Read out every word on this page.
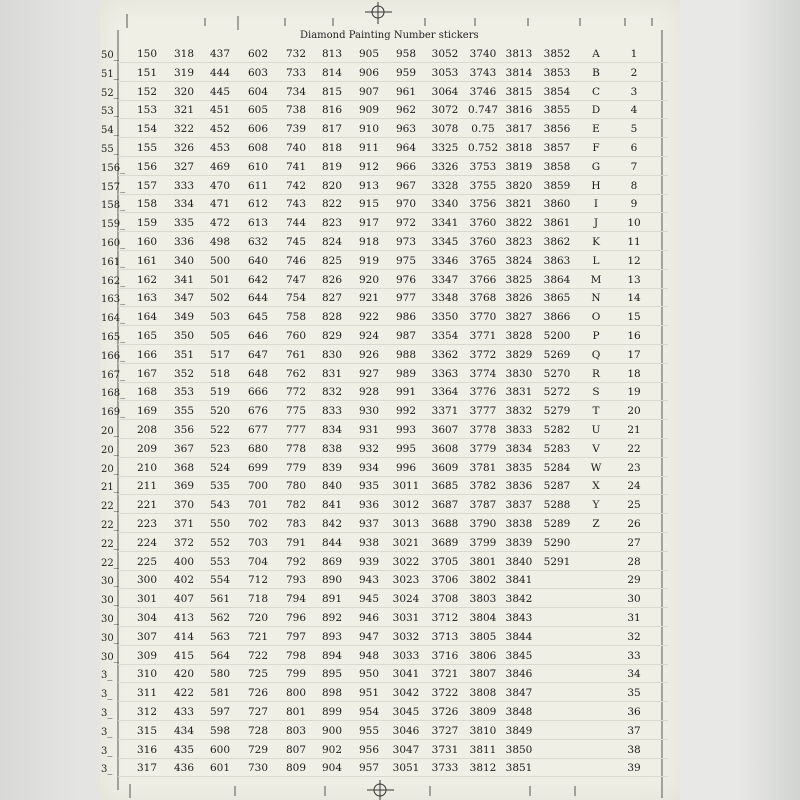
Diamond Painting Number stickers
50_ 150 318 437 602 732 813 905 958 3052 3740 3813 3852 A	1
51_ 151 319 444 603 733 814 906 959 3053 3743 3814 3853 B	2
52_ 152 320 445 604 734 815 907 961 3064 3746 3815 3854 C	3
53_ 153 321 451 605 738 816 909 962 3072 0.747 3816 3855 D	4
54_ 154 322 452 606 739 817 910 963 3078 0.75 3817 3856 E	5
55_ 155 326 453 608 740 818 911 964 3325 0.752 3818 3857 F	6
156_ 156 327 469 610 741 819 912 966 3326 3753 3819 3858 G	7
157_ 157 333 470 611 742 820 913 967 3328 3755 3820 3859 H	8
158_ 158 334 471 612 743 822 915 970 3340 3756 3821 3860 I	9
159_ 159 335 472 613 744 823 917 972 3341 3760 3822 3861 J	10
160_ 160 336 498 632 745 824 918 973 3345 3760 3823 3862 K	11
161_ 161 340 500 640 746 825 919 975 3346 3765 3824 3863 L	12
162_ 162 341 501 642 747 826 920 976 3347 3766 3825 3864 M 13
163_ 163 347 502 644 754 827 921 977 3348 3768 3826 3865 N	14
164_ 164 349 503 645 758 828 922 986 3350 3770 3827 3866 O	15
165_ 165 350 505 646 760 829 924 987 3354 3771 3828 5200 P	16
166_ 166 351 517 647 761 830 926 988 3362 3772 3829 5269 Q	17
167_ 167 352 518 648 762 831 927 989 3363 3774 3830 5270 R	18
168_ 168 353 519 666 772 832 928 991 3364 3776 3831 5272 S	19
169_ 169 355 520 676 775 833 930 992 3371 3777 3832 5279 T	20
20_ 208 356 522 677 777 834 931 993 3607 3778 3833 5282 U	21
20_ 209 367 523 680 778 838 932 995 3608 3779 3834 5283 V	22
20_ 210 368 524 699 779 839 934 996 3609 3781 3835 5284 W 23
21_ 211 369 535 700 780 840 935 3011 3685 3782 3836 5287 X	24
22_ 221 370 543 701 782 841 936 3012 3687 3787 3837 5288 Y	25
22_ 223 371 550 702 783 842 937 3013 3688 3790 3838 5289 Z	26
22_ 224 372 552 703 791 844 938 3021 3689 3799 3839 5290	27
22_ 225 400 553 704 792 869 939 3022 3705 3801 3840 5291	28
30_ 300 402 554 712 793 890 943 3023 3706 3802 3841	29
30_ 301 407 561 718 794 891 945 3024 3708 3803 3842	30
30_ 304 413 562 720 796 892 946 3031 3712 3804 3843	31
30_ 307 414 563 721 797 893 947 3032 3713 3805 3844	32
30_ 309 415 564 722 798 894 948 3033 3716 3806 3845	33
3_ 310 420 580 725 799 895 950 3041 3721 3807 3846	34
3_ 311 422 581 726 800 898 951 3042 3722 3808 3847	35
3_ 312 433 597 727 801 899 954 3045 3726 3809 3848	36
3_ 315 434 598 728 803 900 955 3046 3727 3810 3849	37
3_ 316 435 600 729 807 902 956 3047 3731 3811 3850	38
3_ 317 436 601 730 809 904 957 3051 3733 3812 3851	39
